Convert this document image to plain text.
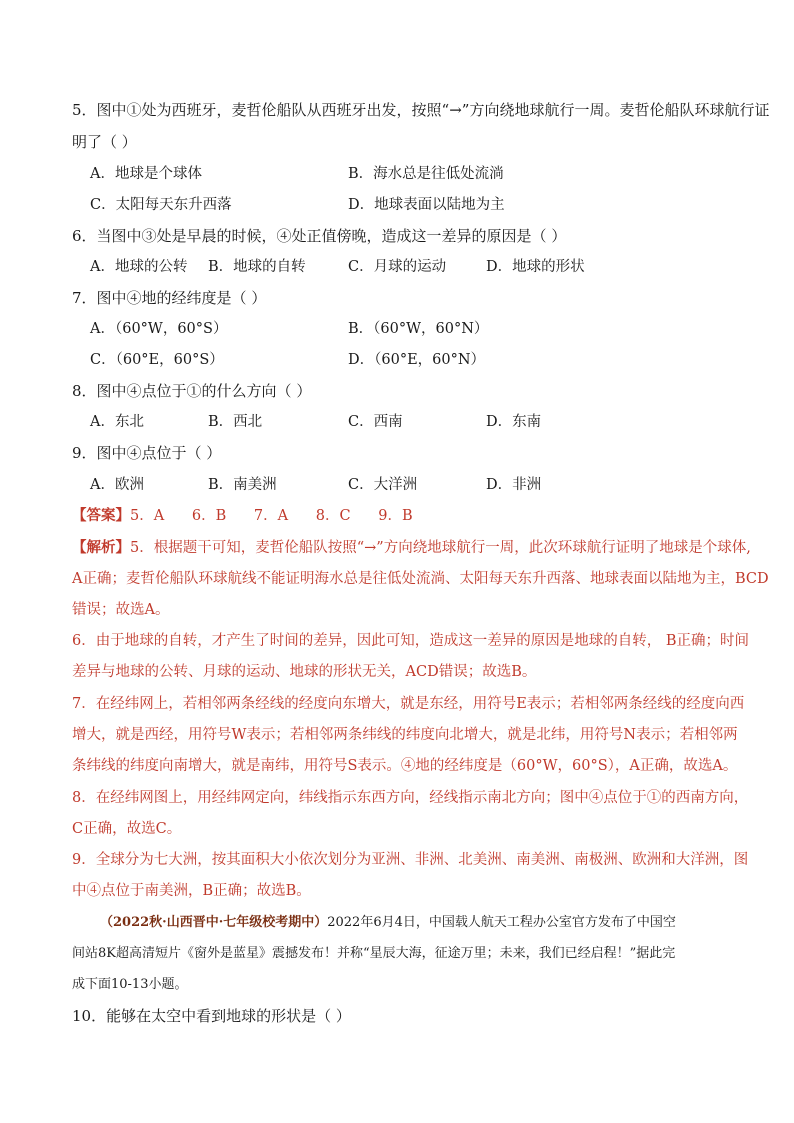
5．图中①处为西班牙，麦哲伦船队从西班牙出发，按照“→”方向绕地球航行一周。麦哲伦船队环球航行证
明了（ ）
A．地球是个球体	B．海水总是往低处流淌
C．太阳每天东升西落	D．地球表面以陆地为主
6．当图中③处是早晨的时候，④处正值傍晚，造成这一差异的原因是（ ）
A．地球的公转 B．地球的自转	C．月球的运动	D．地球的形状
7．图中④地的经纬度是（ ）
A．（60°W，60°S）	B．（60°W，60°N）
C．（60°E，60°S）	D．（60°E，60°N）
8．图中④点位于①的什么方向（ ）
A．东北	B．西北	C．西南	D．东南
9．图中④点位于（ ）
A．欧洲	B．南美洲	C．大洋洲	D．非洲
【答案】5．A      6．B      7．A      8．C      9．B
【解析】5．根据题干可知，麦哲伦船队按照“→”方向绕地球航行一周，此次环球航行证明了地球是个球体,
A正确；麦哲伦船队环球航线不能证明海水总是往低处流淌、太阳每天东升西落、地球表面以陆地为主，BCD
错误；故选A。
6．由于地球的自转，才产生了时间的差异，因此可知，造成这一差异的原因是地球的自转， B正确；时间
差异与地球的公转、月球的运动、地球的形状无关，ACD错误；故选B。
7．在经纬网上，若相邻两条经线的经度向东增大，就是东经，用符号E表示；若相邻两条经线的经度向西
增大，就是西经，用符号W表示；若相邻两条纬线的纬度向北增大，就是北纬，用符号N表示；若相邻两
条纬线的纬度向南增大，就是南纬，用符号S表示。④地的经纬度是（60°W，60°S），A正确，故选A。
8．在经纬网图上，用经纬网定向，纬线指示东西方向，经线指示南北方向；图中④点位于①的西南方向，
C正确，故选C。
9．全球分为七大洲，按其面积大小依次划分为亚洲、非洲、北美洲、南美洲、南极洲、欧洲和大洋洲，图
中④点位于南美洲，B正确；故选B。
（2022秋·山西晋中·七年级校考期中）2022年6月4日，中国载人航天工程办公室官方发布了中国空
间站8K超高清短片《窗外是蓝星》震撼发布！并称“星辰大海，征途万里；未来，我们已经启程！”据此完
成下面10-13小题。
10．能够在太空中看到地球的形状是（ ）
